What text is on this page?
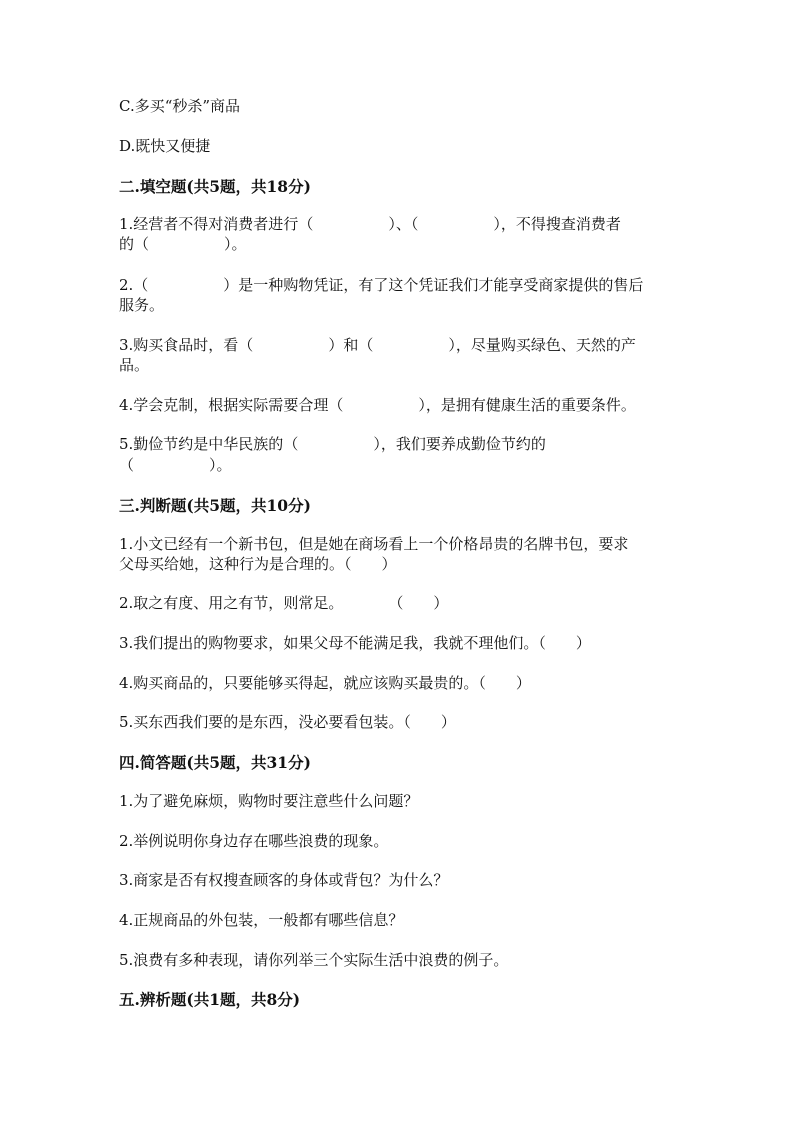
C.多买“秒杀”商品
D.既快又便捷
二.填空题(共5题，共18分)
1.经营者不得对消费者进行（　　　　　）、（　　　　　），不得搜查消费者
的（　　　　　）。
2.（　　　　　）是一种购物凭证，有了这个凭证我们才能享受商家提供的售后
服务。
3.购买食品时，看（　　　　　）和（　　　　　），尽量购买绿色、天然的产
品。
4.学会克制，根据实际需要合理（　　　　　），是拥有健康生活的重要条件。
5.勤俭节约是中华民族的（　　　　　），我们要养成勤俭节约的
（　　　　　）。
三.判断题(共5题，共10分)
1.小文已经有一个新书包，但是她在商场看上一个价格昂贵的名牌书包，要求
父母买给她，这种行为是合理的。（　　）
2.取之有度、用之有节，则常足。　　　　（　　）
3.我们提出的购物要求，如果父母不能满足我，我就不理他们。（　　）
4.购买商品的，只要能够买得起，就应该购买最贵的。（　　）
5.买东西我们要的是东西，没必要看包装。（　　）
四.简答题(共5题，共31分)
1.为了避免麻烦，购物时要注意些什么问题？
2.举例说明你身边存在哪些浪费的现象。
3.商家是否有权搜查顾客的身体或背包？为什么？
4.正规商品的外包装，一般都有哪些信息？
5.浪费有多种表现，请你列举三个实际生活中浪费的例子。
五.辨析题(共1题，共8分)
